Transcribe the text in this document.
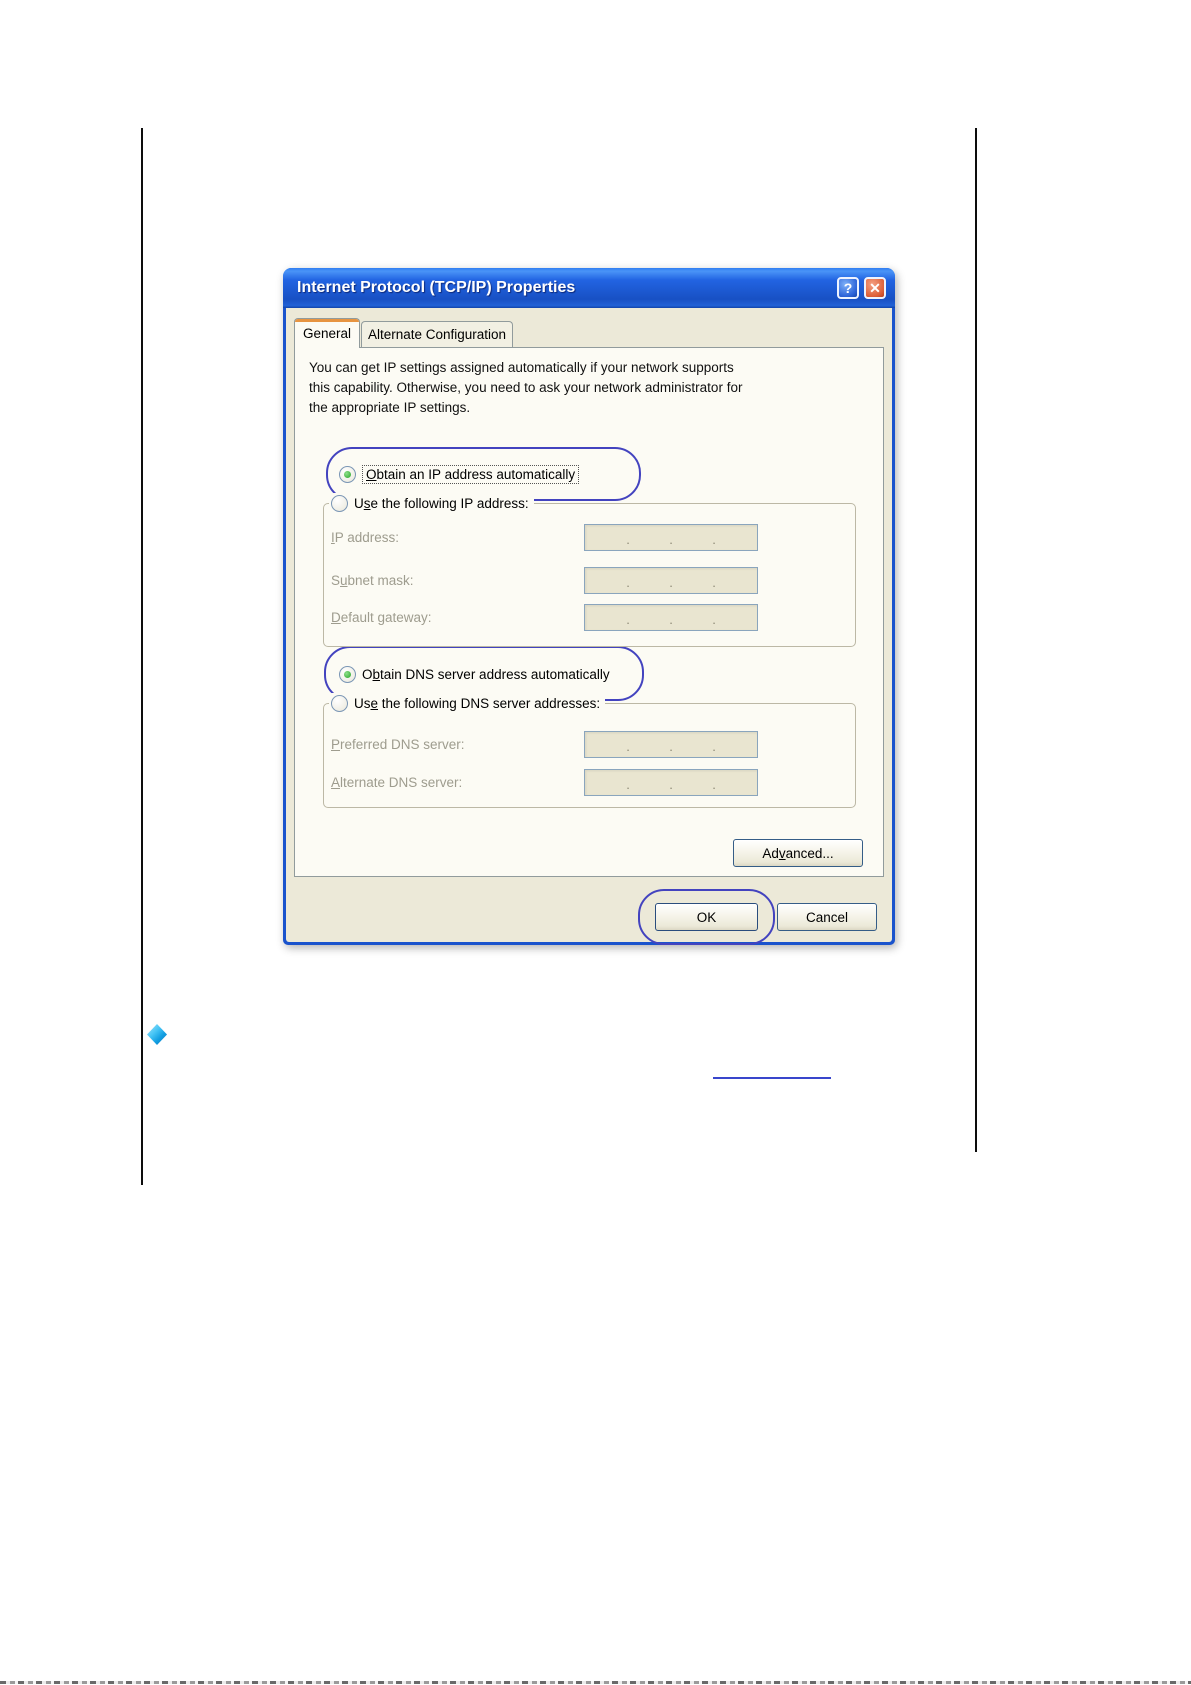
Internet Protocol (TCP/IP) Properties	?	✕
General Alternate Configuration
You can get IP settings assigned automatically if your network supports
this capability. Otherwise, you need to ask your network administrator for
the appropriate IP settings.
Obtain an IP address automatically
Use the following IP address:
IP address:	.	.	.
Subnet mask:	.	.	.
Default gateway:	.	.	.
Obtain DNS server address automatically
Use the following DNS server addresses:
Preferred DNS server:	.	.	.
Alternate DNS server:	.	.	.
Ad v anced...
OK	Cancel
